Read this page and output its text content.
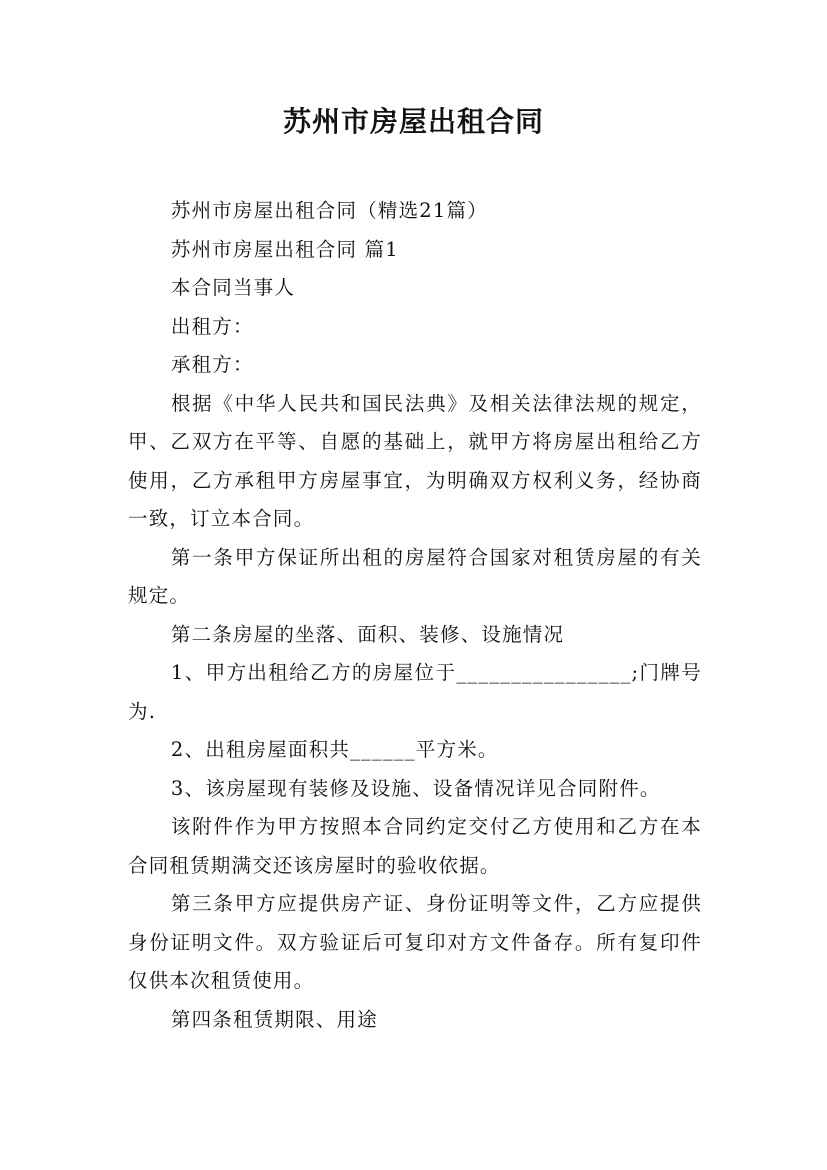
苏州市房屋出租合同

苏州市房屋出租合同（精选21篇）

苏州市房屋出租合同 篇1

本合同当事人

出租方：

承租方：

根据《中华人民共和国民法典》及相关法律法规的规定，甲、乙双方在平等、自愿的基础上，就甲方将房屋出租给乙方使用，乙方承租甲方房屋事宜，为明确双方权利义务，经协商一致，订立本合同。

第一条甲方保证所出租的房屋符合国家对租赁房屋的有关规定。

第二条房屋的坐落、面积、装修、设施情况

1、甲方出租给乙方的房屋位于________________;门牌号为.

2、出租房屋面积共______平方米。

3、该房屋现有装修及设施、设备情况详见合同附件。

该附件作为甲方按照本合同约定交付乙方使用和乙方在本合同租赁期满交还该房屋时的验收依据。

第三条甲方应提供房产证、身份证明等文件，乙方应提供身份证明文件。双方验证后可复印对方文件备存。所有复印件仅供本次租赁使用。

第四条租赁期限、用途
